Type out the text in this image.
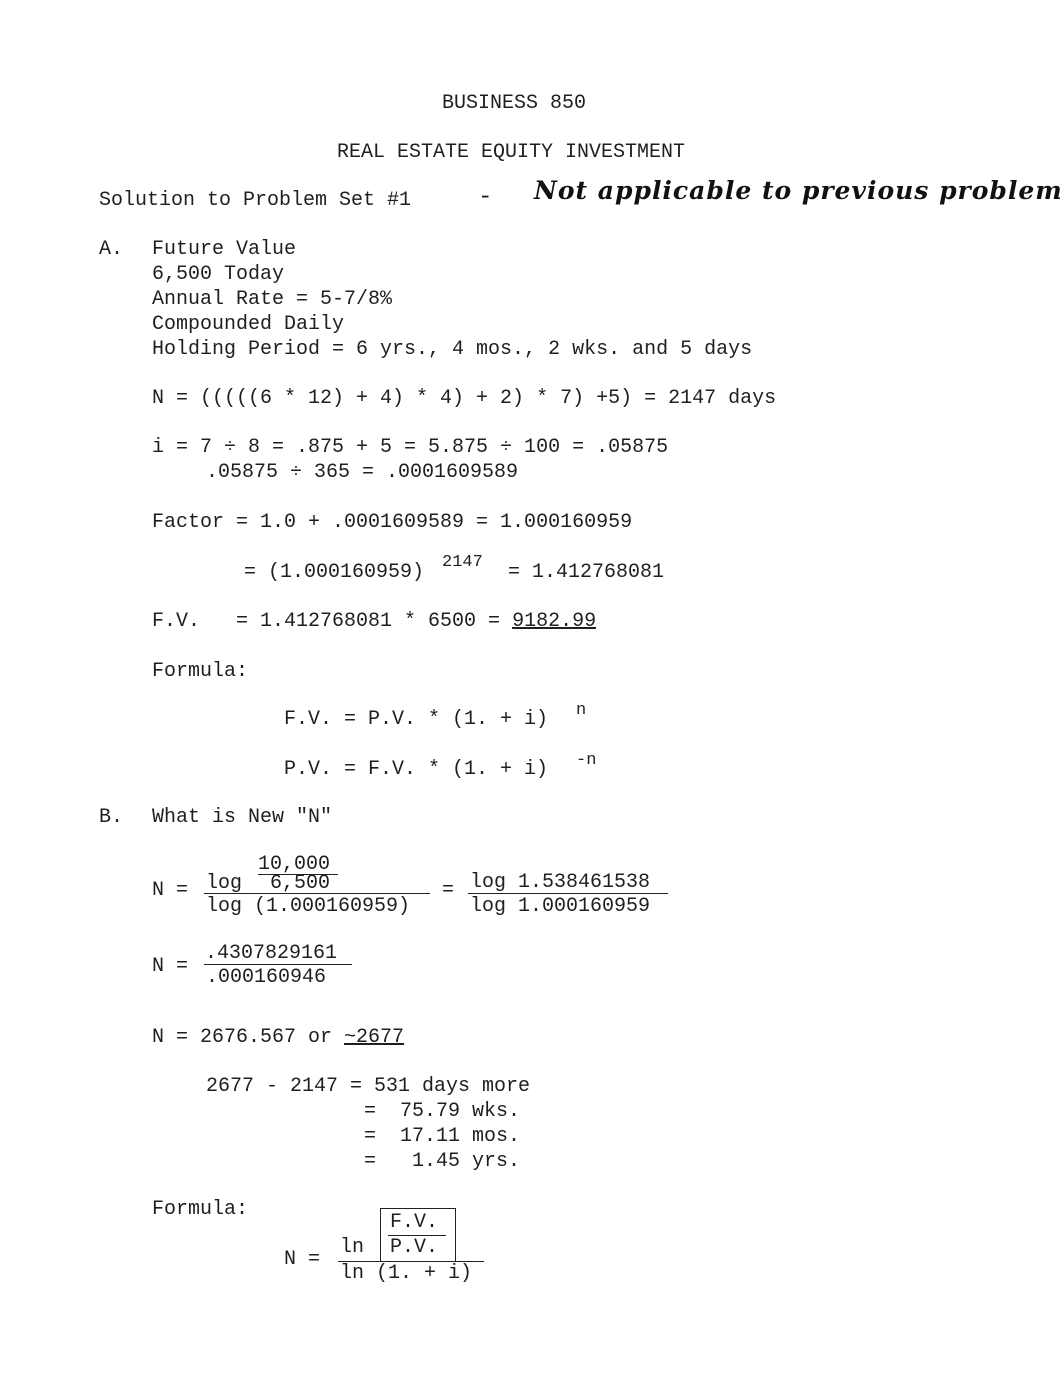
BUSINESS 850
REAL ESTATE EQUITY INVESTMENT
Solution to Problem Set #1	- Not applicable to previous problem
A. Future Value
6,500 Today
Annual Rate = 5-7/8%
Compounded Daily
Holding Period = 6 yrs., 4 mos., 2 wks. and 5 days
N = (((((6 * 12) + 4) * 4) + 2) * 7) +5) = 2147 days
i = 7 ÷ 8 = .875 + 5 = 5.875 ÷ 100 = .05875
.05875 ÷ 365 = .0001609589
Factor = 1.0 + .0001609589 = 1.000160959
= (1.000160959) 2147 = 1.412768081
F.V.   = 1.412768081 * 6500 = 9182.99
Formula:
F.V. = P.V. * (1. + i) n
P.V. = F.V. * (1. + i) -n
B. What is New "N"
N =
10,000
log 6,500
log (1.000160959)
= log 1.538461538
log 1.000160959
N =
.4307829161
.000160946
N = 2676.567 or ~2677
2677 - 2147 = 531 days more
=  75.79 wks.
=  17.11 mos.
=   1.45 yrs.
Formula:
N =
ln
F.V.
P.V.
ln (1. + i)
